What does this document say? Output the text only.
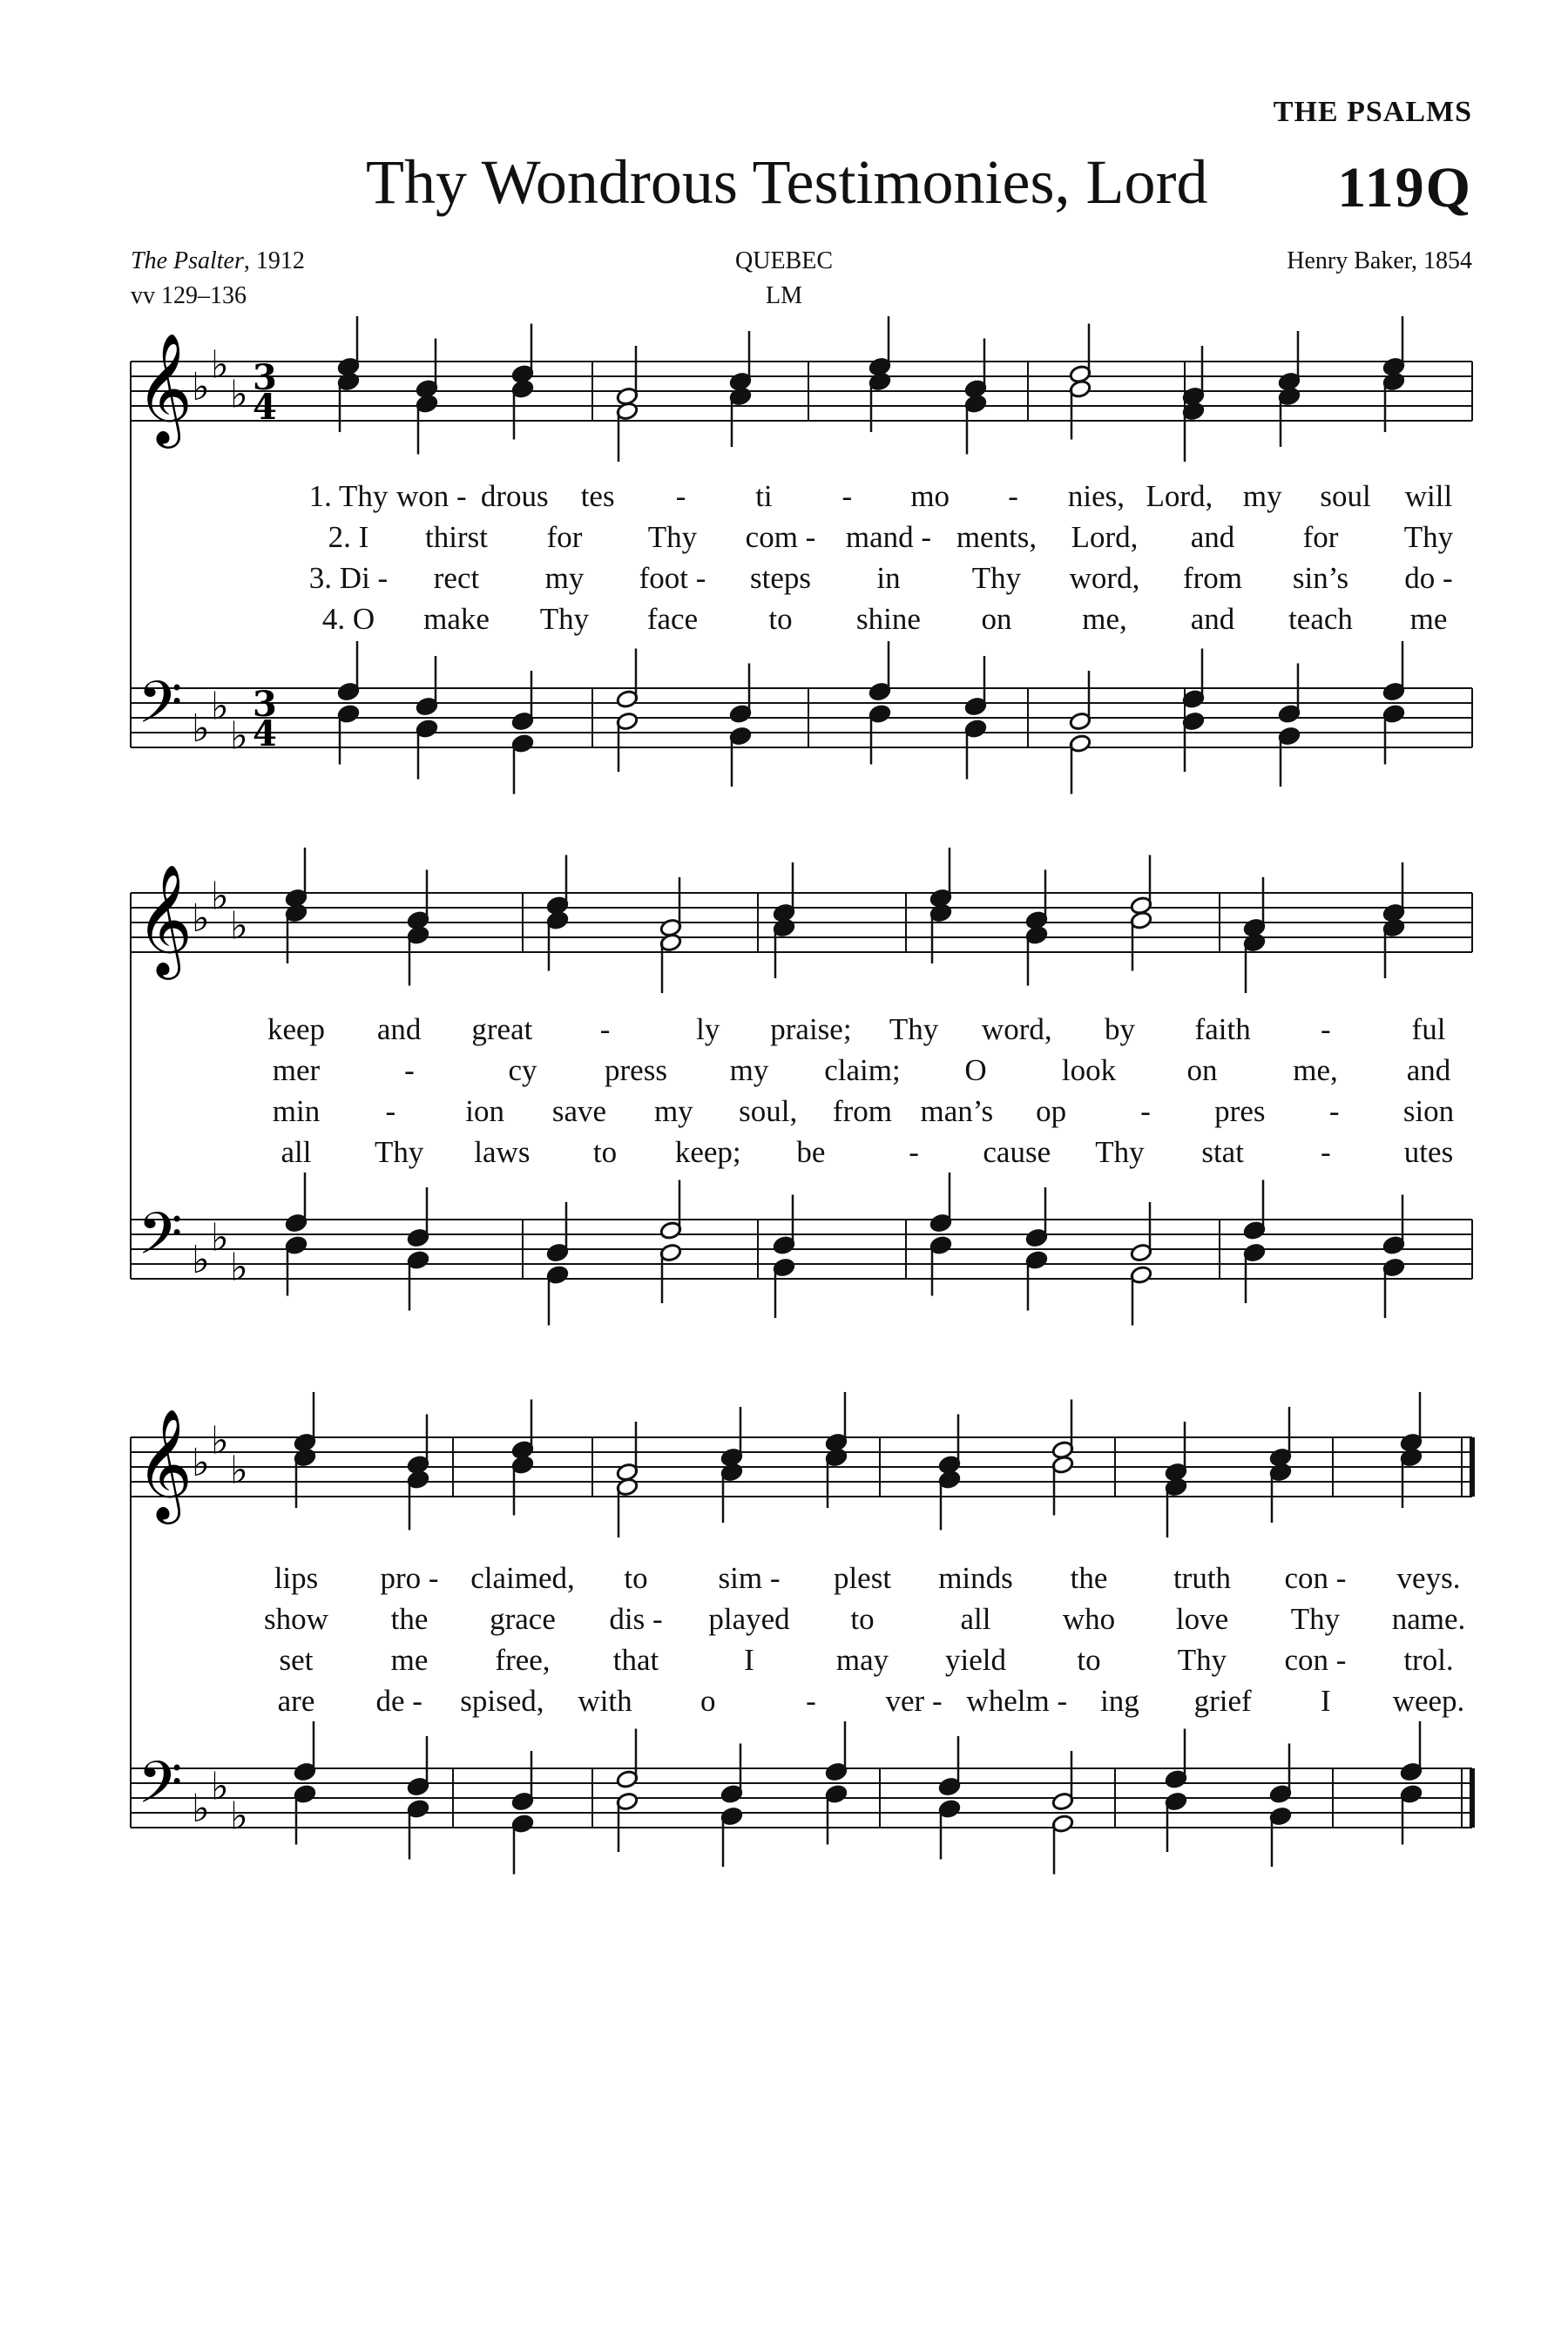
THE PSALMS
Thy Wondrous Testimonies, Lord 119Q
The Psalter, 1912
vv 129–136
QUEBEC
LM
Henry Baker, 1854
𝄞
𝄢
♭ ♭
♭
♭ ♭
♭
3
4
3
4
𝄞
𝄢
♭ ♭
♭
♭ ♭
♭
𝄞
𝄢
♭ ♭
♭
♭ ♭
♭
1. Thy won - drous tes - ti - mo - nies, Lord, my soul will
2. I thirst for Thy com - mand - ments, Lord, and for Thy
3. Di - rect my foot - steps in Thy word, from sin’s do -
4. O make Thy face to shine on me, and teach me
keep and great -	ly praise; Thy word, by faith -	ful
mer	-	cy press my claim; O look on me, and
min - ion save my soul, from man’s op - pres - sion
all Thy laws to keep; be	- cause Thy stat	- utes
lips pro - claimed, to sim - plest minds the truth con - veys.
show the grace dis - played to	all who love Thy name.
set	me free, that	I	may yield to	Thy con - trol.
are de - spised, with o	- ver - whelm - ing grief I weep.
